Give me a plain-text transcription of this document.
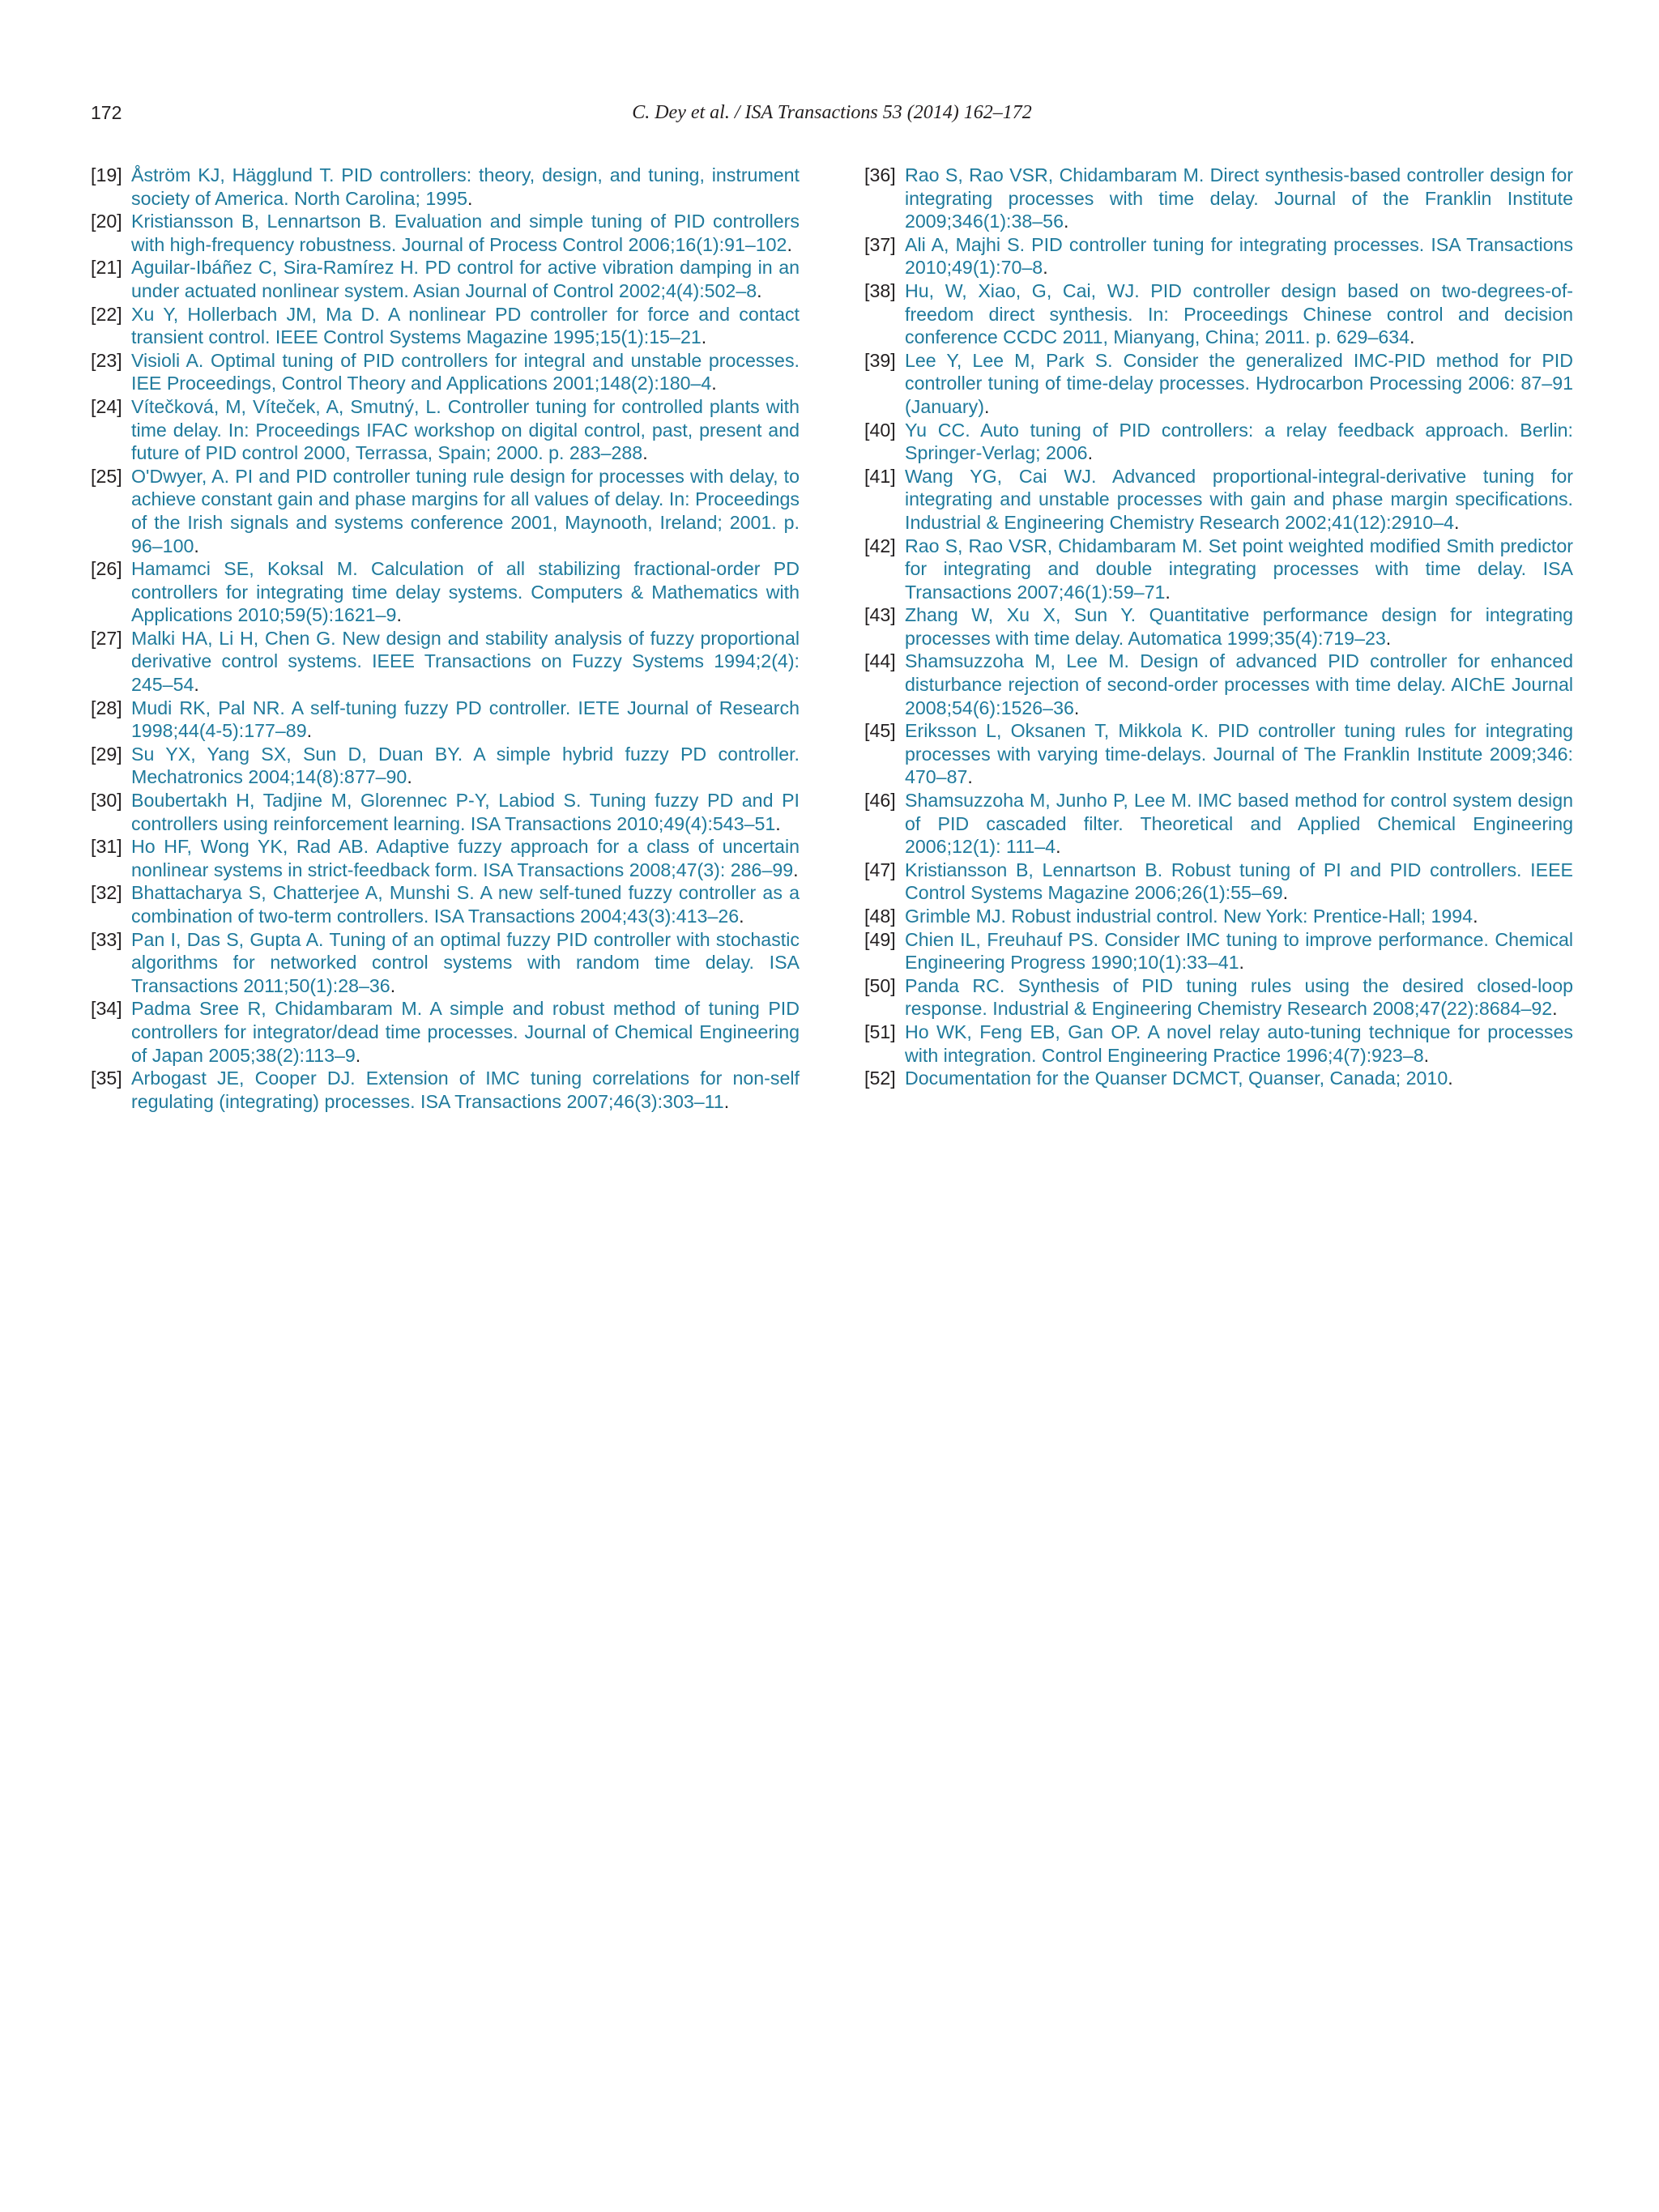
172	C. Dey et al. / ISA Transactions 53 (2014) 162–172
[19] Åström KJ, Hägglund T. PID controllers: theory, design, and tuning, instrument society of America. North Carolina; 1995.
[20] Kristiansson B, Lennartson B. Evaluation and simple tuning of PID controllers with high-frequency robustness. Journal of Process Control 2006;16(1):91–102.
[21] Aguilar-Ibáñez C, Sira-Ramírez H. PD control for active vibration damping in an under actuated nonlinear system. Asian Journal of Control 2002;4(4):502–8.
[22] Xu Y, Hollerbach JM, Ma D. A nonlinear PD controller for force and contact transient control. IEEE Control Systems Magazine 1995;15(1):15–21.
[23] Visioli A. Optimal tuning of PID controllers for integral and unstable processes. IEE Proceedings, Control Theory and Applications 2001;148(2):180–4.
[24] Vítečková, M, Vítеček, A, Smutný, L. Controller tuning for controlled plants with time delay. In: Proceedings IFAC workshop on digital control, past, present and future of PID control 2000, Terrassa, Spain; 2000. p. 283–288.
[25] O'Dwyer, A. PI and PID controller tuning rule design for processes with delay, to achieve constant gain and phase margins for all values of delay. In: Proceedings of the Irish signals and systems conference 2001, Maynooth, Ireland; 2001. p. 96–100.
[26] Hamamci SE, Koksal M. Calculation of all stabilizing fractional-order PD controllers for integrating time delay systems. Computers & Mathematics with Applications 2010;59(5):1621–9.
[27] Malki HA, Li H, Chen G. New design and stability analysis of fuzzy proportional derivative control systems. IEEE Transactions on Fuzzy Systems 1994;2(4): 245–54.
[28] Mudi RK, Pal NR. A self-tuning fuzzy PD controller. IETE Journal of Research 1998;44(4-5):177–89.
[29] Su YX, Yang SX, Sun D, Duan BY. A simple hybrid fuzzy PD controller. Mechatronics 2004;14(8):877–90.
[30] Boubertakh H, Tadjine M, Glorennec P-Y, Labiod S. Tuning fuzzy PD and PI controllers using reinforcement learning. ISA Transactions 2010;49(4):543–51.
[31] Ho HF, Wong YK, Rad AB. Adaptive fuzzy approach for a class of uncertain nonlinear systems in strict-feedback form. ISA Transactions 2008;47(3): 286–99.
[32] Bhattacharya S, Chatterjee A, Munshi S. A new self-tuned fuzzy controller as a combination of two-term controllers. ISA Transactions 2004;43(3):413–26.
[33] Pan I, Das S, Gupta A. Tuning of an optimal fuzzy PID controller with stochastic algorithms for networked control systems with random time delay. ISA Transactions 2011;50(1):28–36.
[34] Padma Sree R, Chidambaram M. A simple and robust method of tuning PID controllers for integrator/dead time processes. Journal of Chemical Engineering of Japan 2005;38(2):113–9.
[35] Arbogast JE, Cooper DJ. Extension of IMC tuning correlations for non-self regulating (integrating) processes. ISA Transactions 2007;46(3):303–11.
[36] Rao S, Rao VSR, Chidambaram M. Direct synthesis-based controller design for integrating processes with time delay. Journal of the Franklin Institute 2009;346(1):38–56.
[37] Ali A, Majhi S. PID controller tuning for integrating processes. ISA Transactions 2010;49(1):70–8.
[38] Hu, W, Xiao, G, Cai, WJ. PID controller design based on two-degrees-of-freedom direct synthesis. In: Proceedings Chinese control and decision conference CCDC 2011, Mianyang, China; 2011. p. 629–634.
[39] Lee Y, Lee M, Park S. Consider the generalized IMC-PID method for PID controller tuning of time-delay processes. Hydrocarbon Processing 2006: 87–91 (January).
[40] Yu CC. Auto tuning of PID controllers: a relay feedback approach. Berlin: Springer-Verlag; 2006.
[41] Wang YG, Cai WJ. Advanced proportional-integral-derivative tuning for integrating and unstable processes with gain and phase margin specifications. Industrial & Engineering Chemistry Research 2002;41(12):2910–4.
[42] Rao S, Rao VSR, Chidambaram M. Set point weighted modified Smith predictor for integrating and double integrating processes with time delay. ISA Transactions 2007;46(1):59–71.
[43] Zhang W, Xu X, Sun Y. Quantitative performance design for integrating processes with time delay. Automatica 1999;35(4):719–23.
[44] Shamsuzzoha M, Lee M. Design of advanced PID controller for enhanced disturbance rejection of second-order processes with time delay. AIChE Journal 2008;54(6):1526–36.
[45] Eriksson L, Oksanen T, Mikkola K. PID controller tuning rules for integrating processes with varying time-delays. Journal of The Franklin Institute 2009;346: 470–87.
[46] Shamsuzzoha M, Junho P, Lee M. IMC based method for control system design of PID cascaded filter. Theoretical and Applied Chemical Engineering 2006;12(1): 111–4.
[47] Kristiansson B, Lennartson B. Robust tuning of PI and PID controllers. IEEE Control Systems Magazine 2006;26(1):55–69.
[48] Grimble MJ. Robust industrial control. New York: Prentice-Hall; 1994.
[49] Chien IL, Freuhauf PS. Consider IMC tuning to improve performance. Chemical Engineering Progress 1990;10(1):33–41.
[50] Panda RC. Synthesis of PID tuning rules using the desired closed-loop response. Industrial & Engineering Chemistry Research 2008;47(22):8684–92.
[51] Ho WK, Feng EB, Gan OP. A novel relay auto-tuning technique for processes with integration. Control Engineering Practice 1996;4(7):923–8.
[52] Documentation for the Quanser DCMCT, Quanser, Canada; 2010.
